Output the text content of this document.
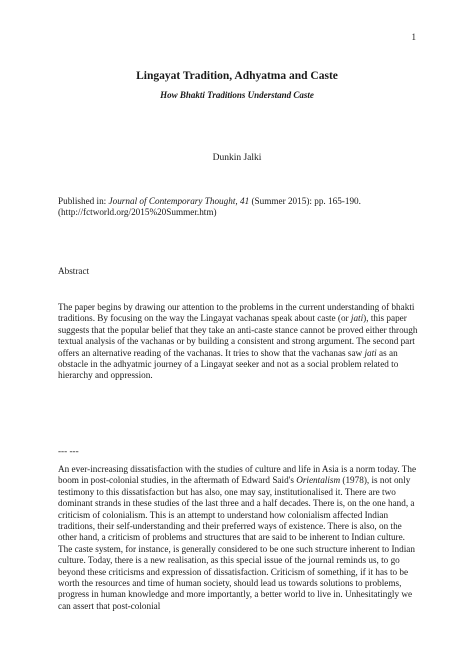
1
Lingayat Tradition, Adhyatma and Caste
How Bhakti Traditions Understand Caste
Dunkin Jalki
Published in: Journal of Contemporary Thought, 41 (Summer 2015): pp. 165-190.
(http://fctworld.org/2015%20Summer.htm)
Abstract
The paper begins by drawing our attention to the problems in the current understanding of bhakti traditions. By focusing on the way the Lingayat vachanas speak about caste (or jati), this paper suggests that the popular belief that they take an anti-caste stance cannot be proved either through textual analysis of the vachanas or by building a consistent and strong argument. The second part offers an alternative reading of the vachanas. It tries to show that the vachanas saw jati as an obstacle in the adhyatmic journey of a Lingayat seeker and not as a social problem related to hierarchy and oppression.
--- ---
An ever-increasing dissatisfaction with the studies of culture and life in Asia is a norm today. The boom in post-colonial studies, in the aftermath of Edward Said's Orientalism (1978), is not only testimony to this dissatisfaction but has also, one may say, institutionalised it. There are two dominant strands in these studies of the last three and a half decades. There is, on the one hand, a criticism of colonialism. This is an attempt to understand how colonialism affected Indian traditions, their self-understanding and their preferred ways of existence. There is also, on the other hand, a criticism of problems and structures that are said to be inherent to Indian culture. The caste system, for instance, is generally considered to be one such structure inherent to Indian culture. Today, there is a new realisation, as this special issue of the journal reminds us, to go beyond these criticisms and expression of dissatisfaction. Criticism of something, if it has to be worth the resources and time of human society, should lead us towards solutions to problems, progress in human knowledge and more importantly, a better world to live in. Unhesitatingly we can assert that post-colonial
